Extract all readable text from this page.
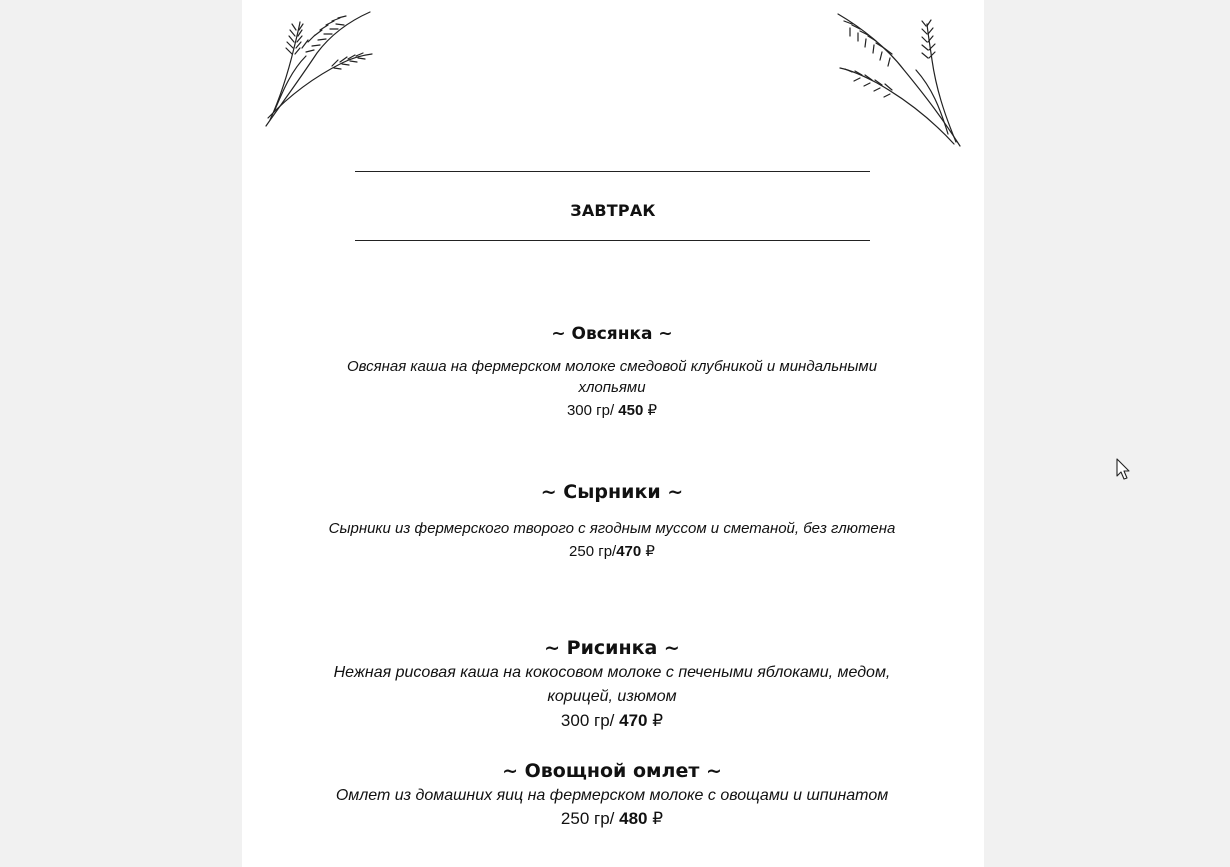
ЗАВТРАК
~ Овсянка ~
Овсяная каша на фермерском молоке смедовой клубникой и миндальными хлопьями
300 гр/ 450 ₽
~ Сырники ~
Сырники из фермерского творого с ягодным муссом и сметаной, без глютена
250 гр/470 ₽
~ Рисинка ~
Нежная рисовая каша на кокосовом молоке с печеными яблоками, медом, корицей, изюмом
300 гр/ 470 ₽
~ Овощной омлет ~
Омлет из домашних яиц на фермерском молоке с овощами и шпинатом
250 гр/ 480 ₽
